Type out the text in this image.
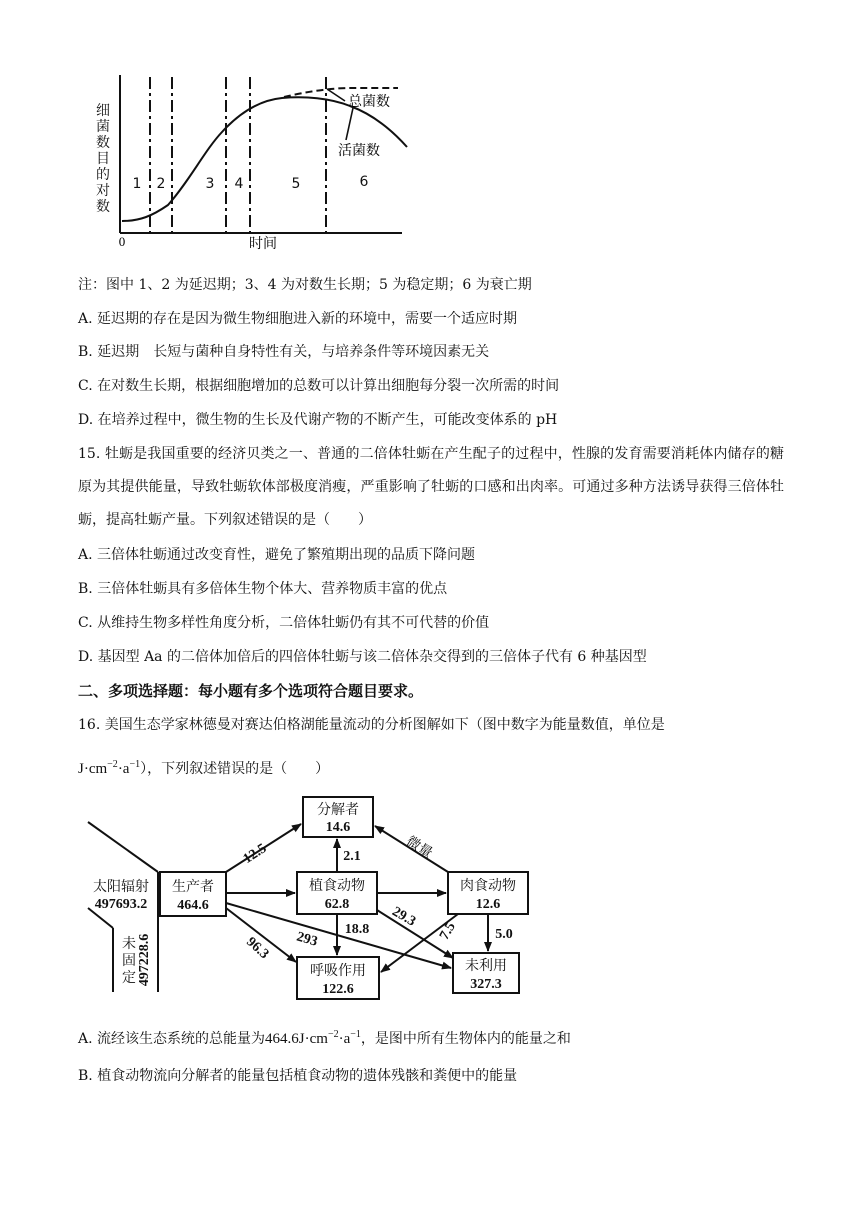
细
菌
数
目
的
对
数
0	时间
1 2	3 4	5	6
总菌数
活菌数
注：图中 1、2 为延迟期；3、4 为对数生长期；5 为稳定期；6 为衰亡期
A. 延迟期的存在是因为微生物细胞进入新的环境中，需要一个适应时期
B. 延迟期　长短与菌种自身特性有关，与培养条件等环境因素无关
C. 在对数生长期，根据细胞增加的总数可以计算出细胞每分裂一次所需的时间
D. 在培养过程中，微生物的生长及代谢产物的不断产生，可能改变体系的 pH
15. 牡蛎是我国重要的经济贝类之一、普通的二倍体牡蛎在产生配子的过程中，性腺的发育需要消耗体内储存的糖原为其提供能量，导致牡蛎软体部极度消瘦，严重影响了牡蛎的口感和出肉率。可通过多种方法诱导获得三倍体牡蛎，提高牡蛎产量。下列叙述错误的是（　　）
A. 三倍体牡蛎通过改变育性，避免了繁殖期出现的品质下降问题
B. 三倍体牡蛎具有多倍体生物个体大、营养物质丰富的优点
C. 从维持生物多样性角度分析，二倍体牡蛎仍有其不可代替的价值
D. 基因型 Aa 的二倍体加倍后的四倍体牡蛎与该二倍体杂交得到的三倍体子代有 6 种基因型
二、多项选择题：每小题有多个选项符合题目要求。
16. 美国生态学家林德曼对赛达伯格湖能量流动的分析图解如下（图中数字为能量数值，单位是
$J\cdot cm^{-2}\cdot a^{-1}$），下列叙述错误的是（　　）
太阳辐射
497693.2
未
固
定 497228.6
生产者
464.6
分解者
14.6
植食动物
62.8
肉食动物
12.6
呼吸作用
122.6
未利用
327.3
12.5	2.1	微量
18.8
96.3 293
29.3
7.5	5.0
A. 流经该生态系统的总能量为$464.6J\cdot cm^{-2}\cdot a^{-1}$，是图中所有生物体内的能量之和
B. 植食动物流向分解者的能量包括植食动物的遗体残骸和粪便中的能量
